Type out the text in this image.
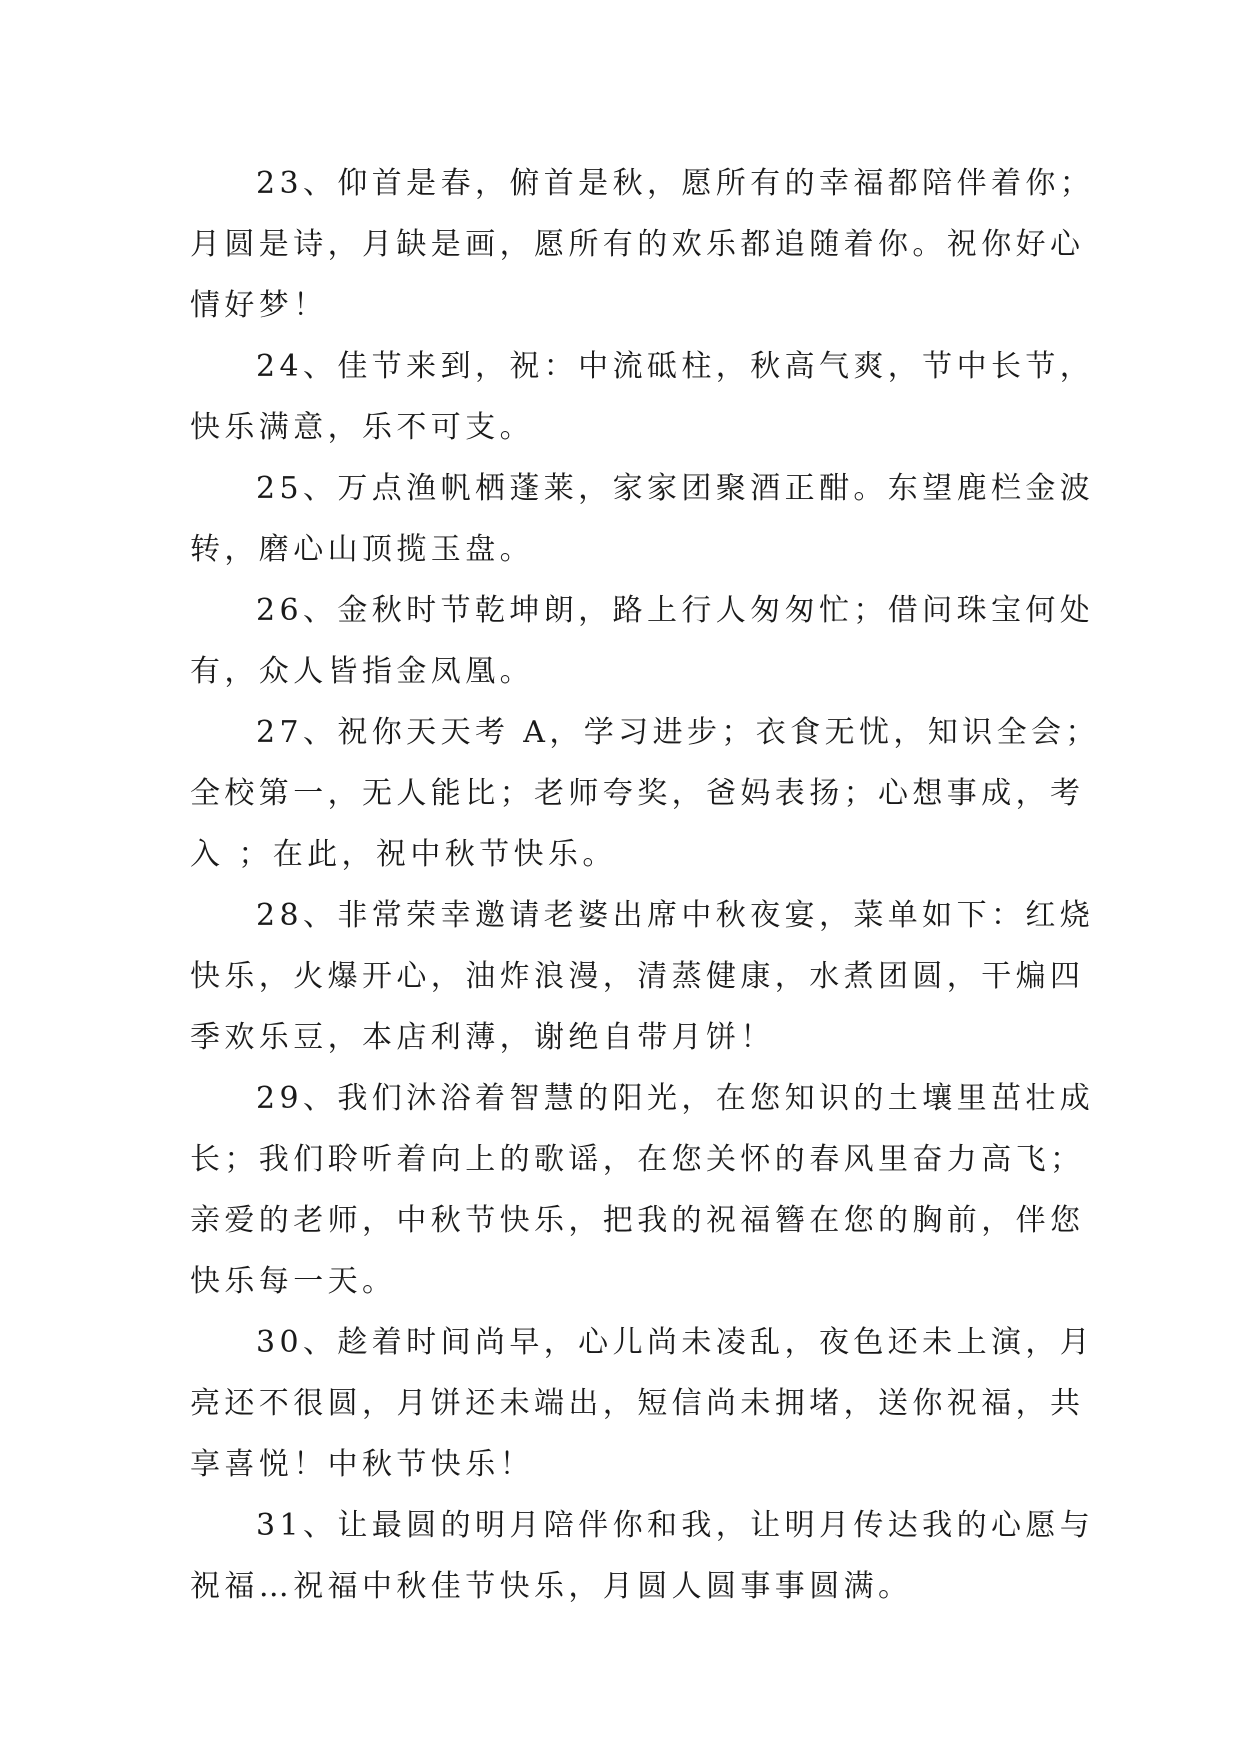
23、仰首是春，俯首是秋，愿所有的幸福都陪伴着你；
月圆是诗，月缺是画，愿所有的欢乐都追随着你。祝你好心
情好梦！
24、佳节来到，祝：中流砥柱，秋高气爽，节中长节，
快乐满意，乐不可支。
25、万点渔帆栖蓬莱，家家团聚酒正酣。东望鹿栏金波
转，磨心山顶揽玉盘。
26、金秋时节乾坤朗，路上行人匆匆忙；借问珠宝何处
有，众人皆指金凤凰。
27、祝你天天考 A，学习进步；衣食无忧，知识全会；
全校第一，无人能比；老师夸奖，爸妈表扬；心想事成，考
入 ；在此，祝中秋节快乐。
28、非常荣幸邀请老婆出席中秋夜宴，菜单如下：红烧
快乐，火爆开心，油炸浪漫，清蒸健康，水煮团圆，干煸四
季欢乐豆，本店利薄，谢绝自带月饼！
29、我们沐浴着智慧的阳光，在您知识的土壤里茁壮成
长；我们聆听着向上的歌谣，在您关怀的春风里奋力高飞；
亲爱的老师，中秋节快乐，把我的祝福簪在您的胸前，伴您
快乐每一天。
30、趁着时间尚早，心儿尚未凌乱，夜色还未上演，月
亮还不很圆，月饼还未端出，短信尚未拥堵，送你祝福，共
享喜悦！中秋节快乐！
31、让最圆的明月陪伴你和我，让明月传达我的心愿与
祝福…祝福中秋佳节快乐，月圆人圆事事圆满。
